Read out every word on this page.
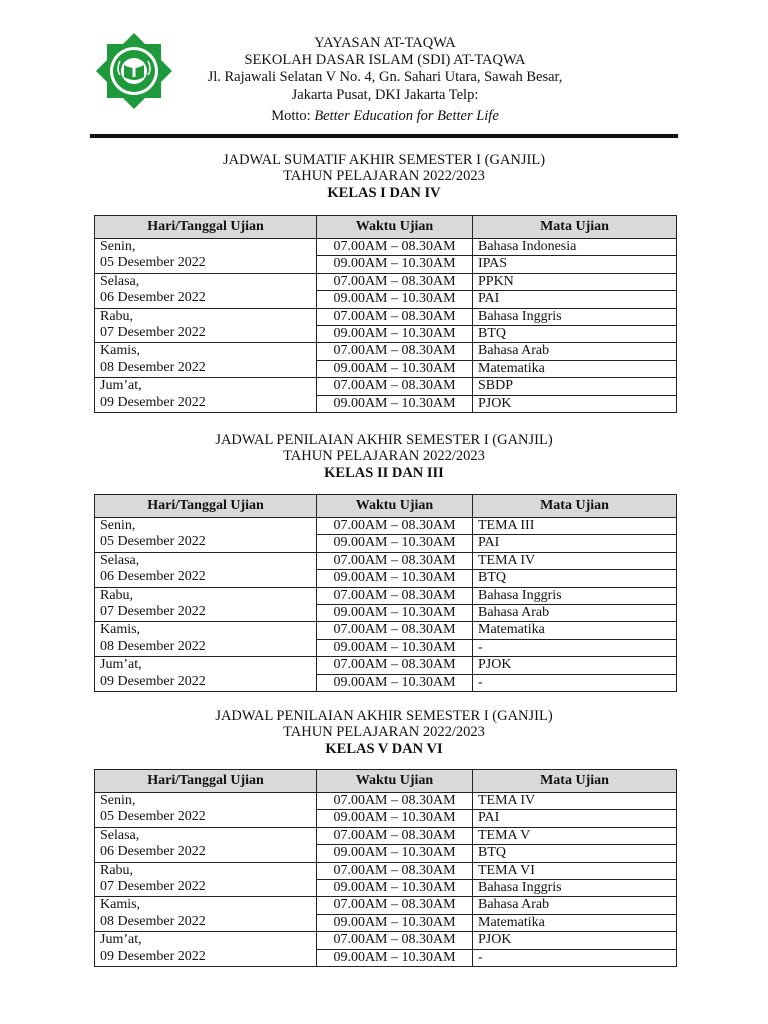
YAYASAN AT-TAQWA
SEKOLAH DASAR ISLAM (SDI) AT-TAQWA
Jl. Rajawali Selatan V No. 4, Gn. Sahari Utara, Sawah Besar,
Jakarta Pusat, DKI Jakarta Telp:
Motto: Better Education for Better Life
JADWAL SUMATIF AKHIR SEMESTER I (GANJIL)
TAHUN PELAJARAN 2022/2023
KELAS I DAN IV
Hari/Tanggal Ujian	Waktu Ujian	Mata Ujian

Senin,
05 Desember 2022	07.00AM – 08.30AM	Bahasa Indonesia
	09.00AM – 10.30AM	IPAS

Selasa,
06 Desember 2022	07.00AM – 08.30AM	PPKN
	09.00AM – 10.30AM	PAI

Rabu,
07 Desember 2022	07.00AM – 08.30AM	Bahasa Inggris
	09.00AM – 10.30AM	BTQ

Kamis,
08 Desember 2022	07.00AM – 08.30AM	Bahasa Arab
	09.00AM – 10.30AM	Matematika

Jum’at,
09 Desember 2022	07.00AM – 08.30AM	SBDP
	09.00AM – 10.30AM	PJOK
JADWAL PENILAIAN AKHIR SEMESTER I (GANJIL)
TAHUN PELAJARAN 2022/2023
KELAS II DAN III
Hari/Tanggal Ujian	Waktu Ujian	Mata Ujian

Senin,
05 Desember 2022	07.00AM – 08.30AM	TEMA III
	09.00AM – 10.30AM	PAI

Selasa,
06 Desember 2022	07.00AM – 08.30AM	TEMA IV
	09.00AM – 10.30AM	BTQ

Rabu,
07 Desember 2022	07.00AM – 08.30AM	Bahasa Inggris
	09.00AM – 10.30AM	Bahasa Arab

Kamis,
08 Desember 2022	07.00AM – 08.30AM	Matematika
	09.00AM – 10.30AM	-

Jum’at,
09 Desember 2022	07.00AM – 08.30AM	PJOK
	09.00AM – 10.30AM	-
JADWAL PENILAIAN AKHIR SEMESTER I (GANJIL)
TAHUN PELAJARAN 2022/2023
KELAS V DAN VI
Hari/Tanggal Ujian	Waktu Ujian	Mata Ujian

Senin,
05 Desember 2022	07.00AM – 08.30AM	TEMA IV
	09.00AM – 10.30AM	PAI

Selasa,
06 Desember 2022	07.00AM – 08.30AM	TEMA V
	09.00AM – 10.30AM	BTQ

Rabu,
07 Desember 2022	07.00AM – 08.30AM	TEMA VI
	09.00AM – 10.30AM	Bahasa Inggris

Kamis,
08 Desember 2022	07.00AM – 08.30AM	Bahasa Arab
	09.00AM – 10.30AM	Matematika

Jum’at,
09 Desember 2022	07.00AM – 08.30AM	PJOK
	09.00AM – 10.30AM	-
